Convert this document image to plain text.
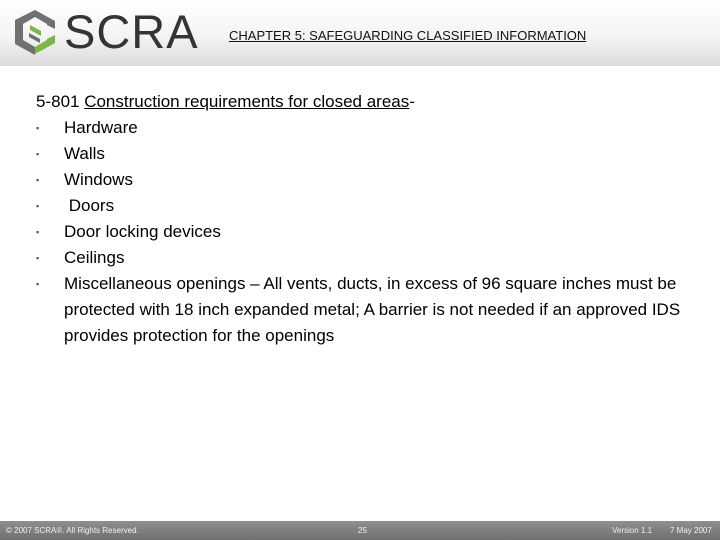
SCRA CHAPTER 5: SAFEGUARDING CLASSIFIED INFORMATION

5-801 Construction requirements for closed areas-

▪	Hardware
▪	Walls
▪	Windows
▪	Doors
▪	Door locking devices
▪	Ceilings
▪	Miscellaneous openings – All vents, ducts, in excess of 96 square inches must be protected with 18 inch expanded metal; A barrier is not needed if an approved IDS provides protection for the openings
© 2007 SCRA®. All Rights Reserved.	25	Version 1.1 7 May 2007
